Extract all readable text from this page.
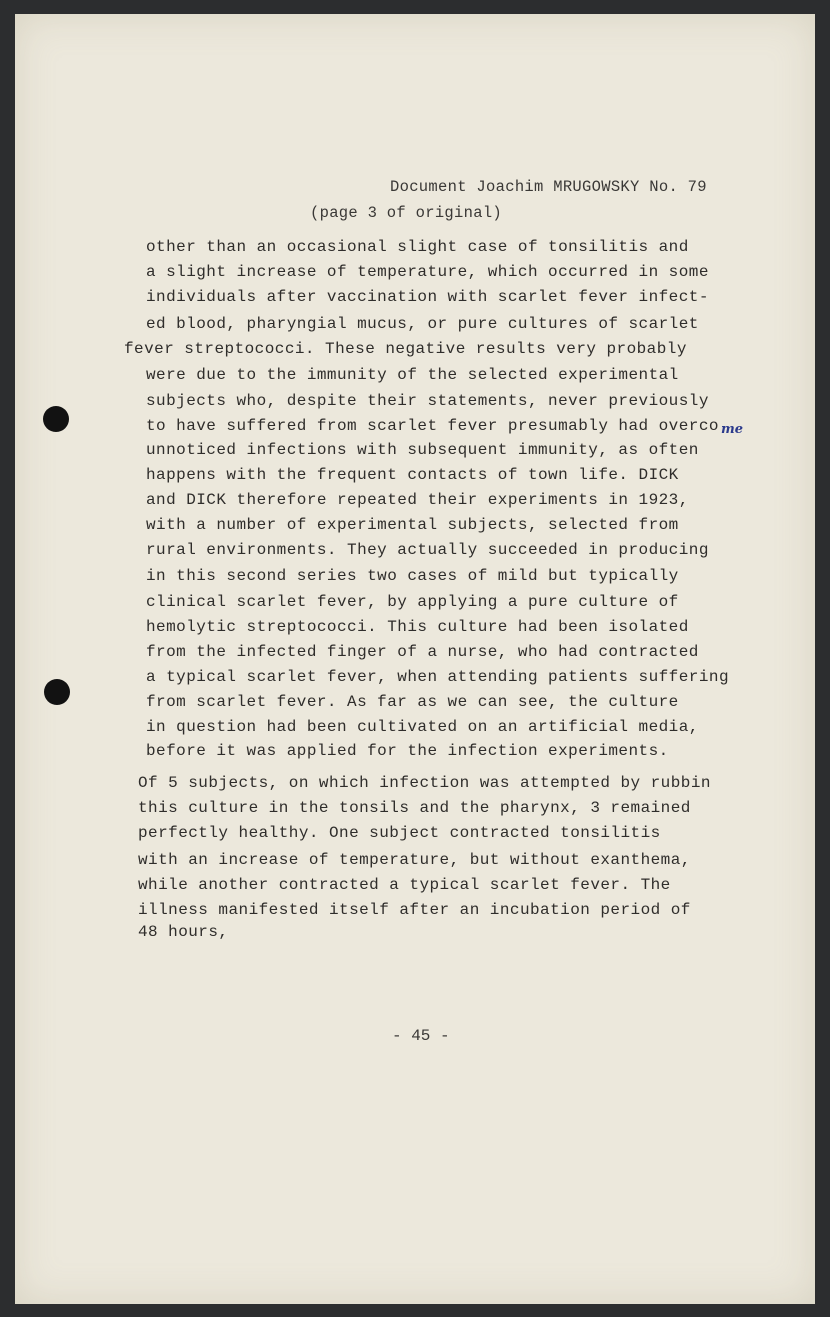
Document Joachim MRUGOWSKY No. 79
(page 3 of original)
other than an occasional slight case of tonsilitis and
a slight increase of temperature, which occurred in some
individuals after vaccination with scarlet fever infect-
ed blood, pharyngial mucus, or pure cultures of scarlet
fever streptococci. These negative results very probably
were due to the immunity of the selected experimental
subjects who, despite their statements, never previously
to have suffered from scarlet fever presumably had overco me
unnoticed infections with subsequent immunity, as often
happens with the frequent contacts of town life. DICK
and DICK therefore repeated their experiments in 1923,
with a number of experimental subjects, selected from
rural environments. They actually succeeded in producing
in this second series two cases of mild but typically
clinical scarlet fever, by applying a pure culture of
hemolytic streptococci. This culture had been isolated
from the infected finger of a nurse, who had contracted
a typical scarlet fever, when attending patients suffering
from scarlet fever. As far as we can see, the culture
in question had been cultivated on an artificial media,
before it was applied for the infection experiments.
Of 5 subjects, on which infection was attempted by rubbin
this culture in the tonsils and the pharynx, 3 remained
perfectly healthy. One subject contracted tonsilitis
with an increase of temperature, but without exanthema,
while another contracted a typical scarlet fever. The
illness manifested itself after an incubation period of
48 hours,
- 45 -
